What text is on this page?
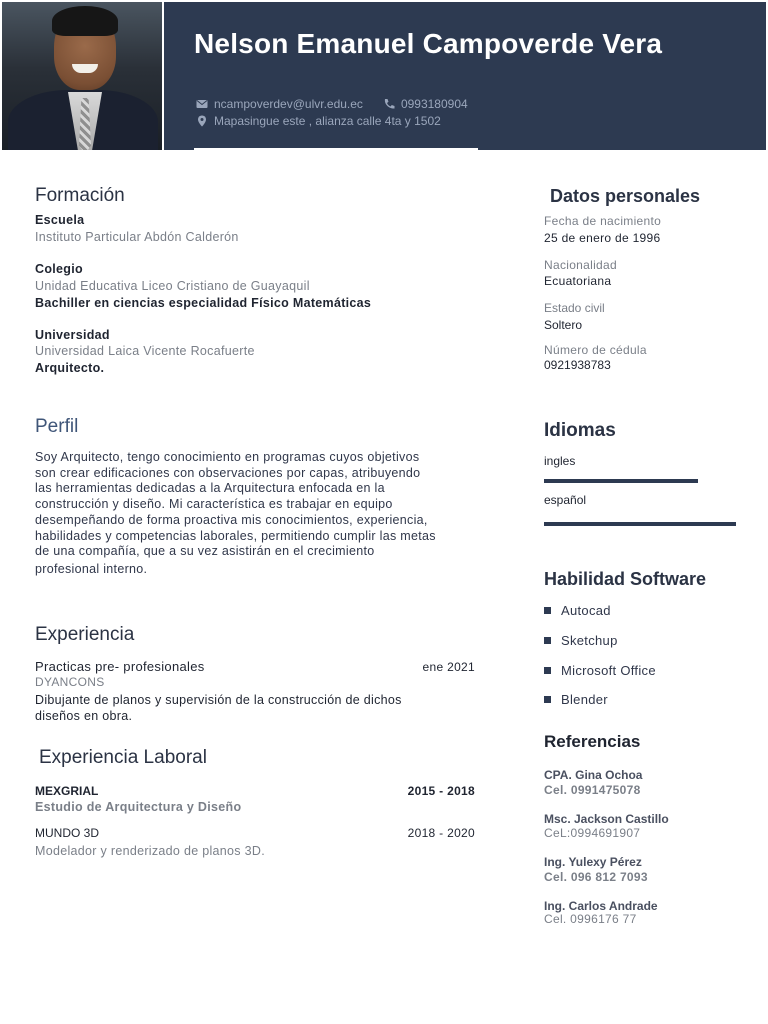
Nelson Emanuel Campoverde Vera
ncampoverdev@ulvr.edu.ec	0993180904
Mapasingue este , alianza calle 4ta y 1502
Formación
Escuela
Instituto Particular Abdón Calderón
Colegio
Unidad Educativa Liceo Cristiano de Guayaquil
Bachiller en ciencias especialidad Físico Matemáticas
Universidad
Universidad Laica Vicente Rocafuerte
Arquitecto.
Perfil
Soy Arquitecto, tengo conocimiento en programas cuyos objetivos
son crear edificaciones con observaciones por capas, atribuyendo
las herramientas dedicadas a la Arquitectura enfocada en la
construcción y diseño. Mi característica es trabajar en equipo
desempeñando de forma proactiva mis conocimientos, experiencia,
habilidades y competencias laborales, permitiendo cumplir las metas
de una compañía, que a su vez asistirán en el crecimiento
profesional interno.
Experiencia
Practicas pre- profesionales	ene 2021
DYANCONS
Dibujante de planos y supervisión de la construcción de dichos
diseños en obra.
Experiencia Laboral
MEXGRIAL	2015 - 2018
Estudio de Arquitectura y Diseño
MUNDO 3D	2018 - 2020
Modelador y renderizado de planos 3D.
Datos personales
Fecha de nacimiento
25 de enero de 1996
Nacionalidad
Ecuatoriana
Estado civil
Soltero
Número de cédula
0921938783
Idiomas
ingles
español
Habilidad Software
Autocad
Sketchup
Microsoft Office
Blender
Referencias
CPA. Gina Ochoa
Cel. 0991475078
Msc. Jackson Castillo
CeL:0994691907
Ing. Yulexy Pérez
Cel. 096 812 7093
Ing. Carlos Andrade
Cel. 0996176 77
